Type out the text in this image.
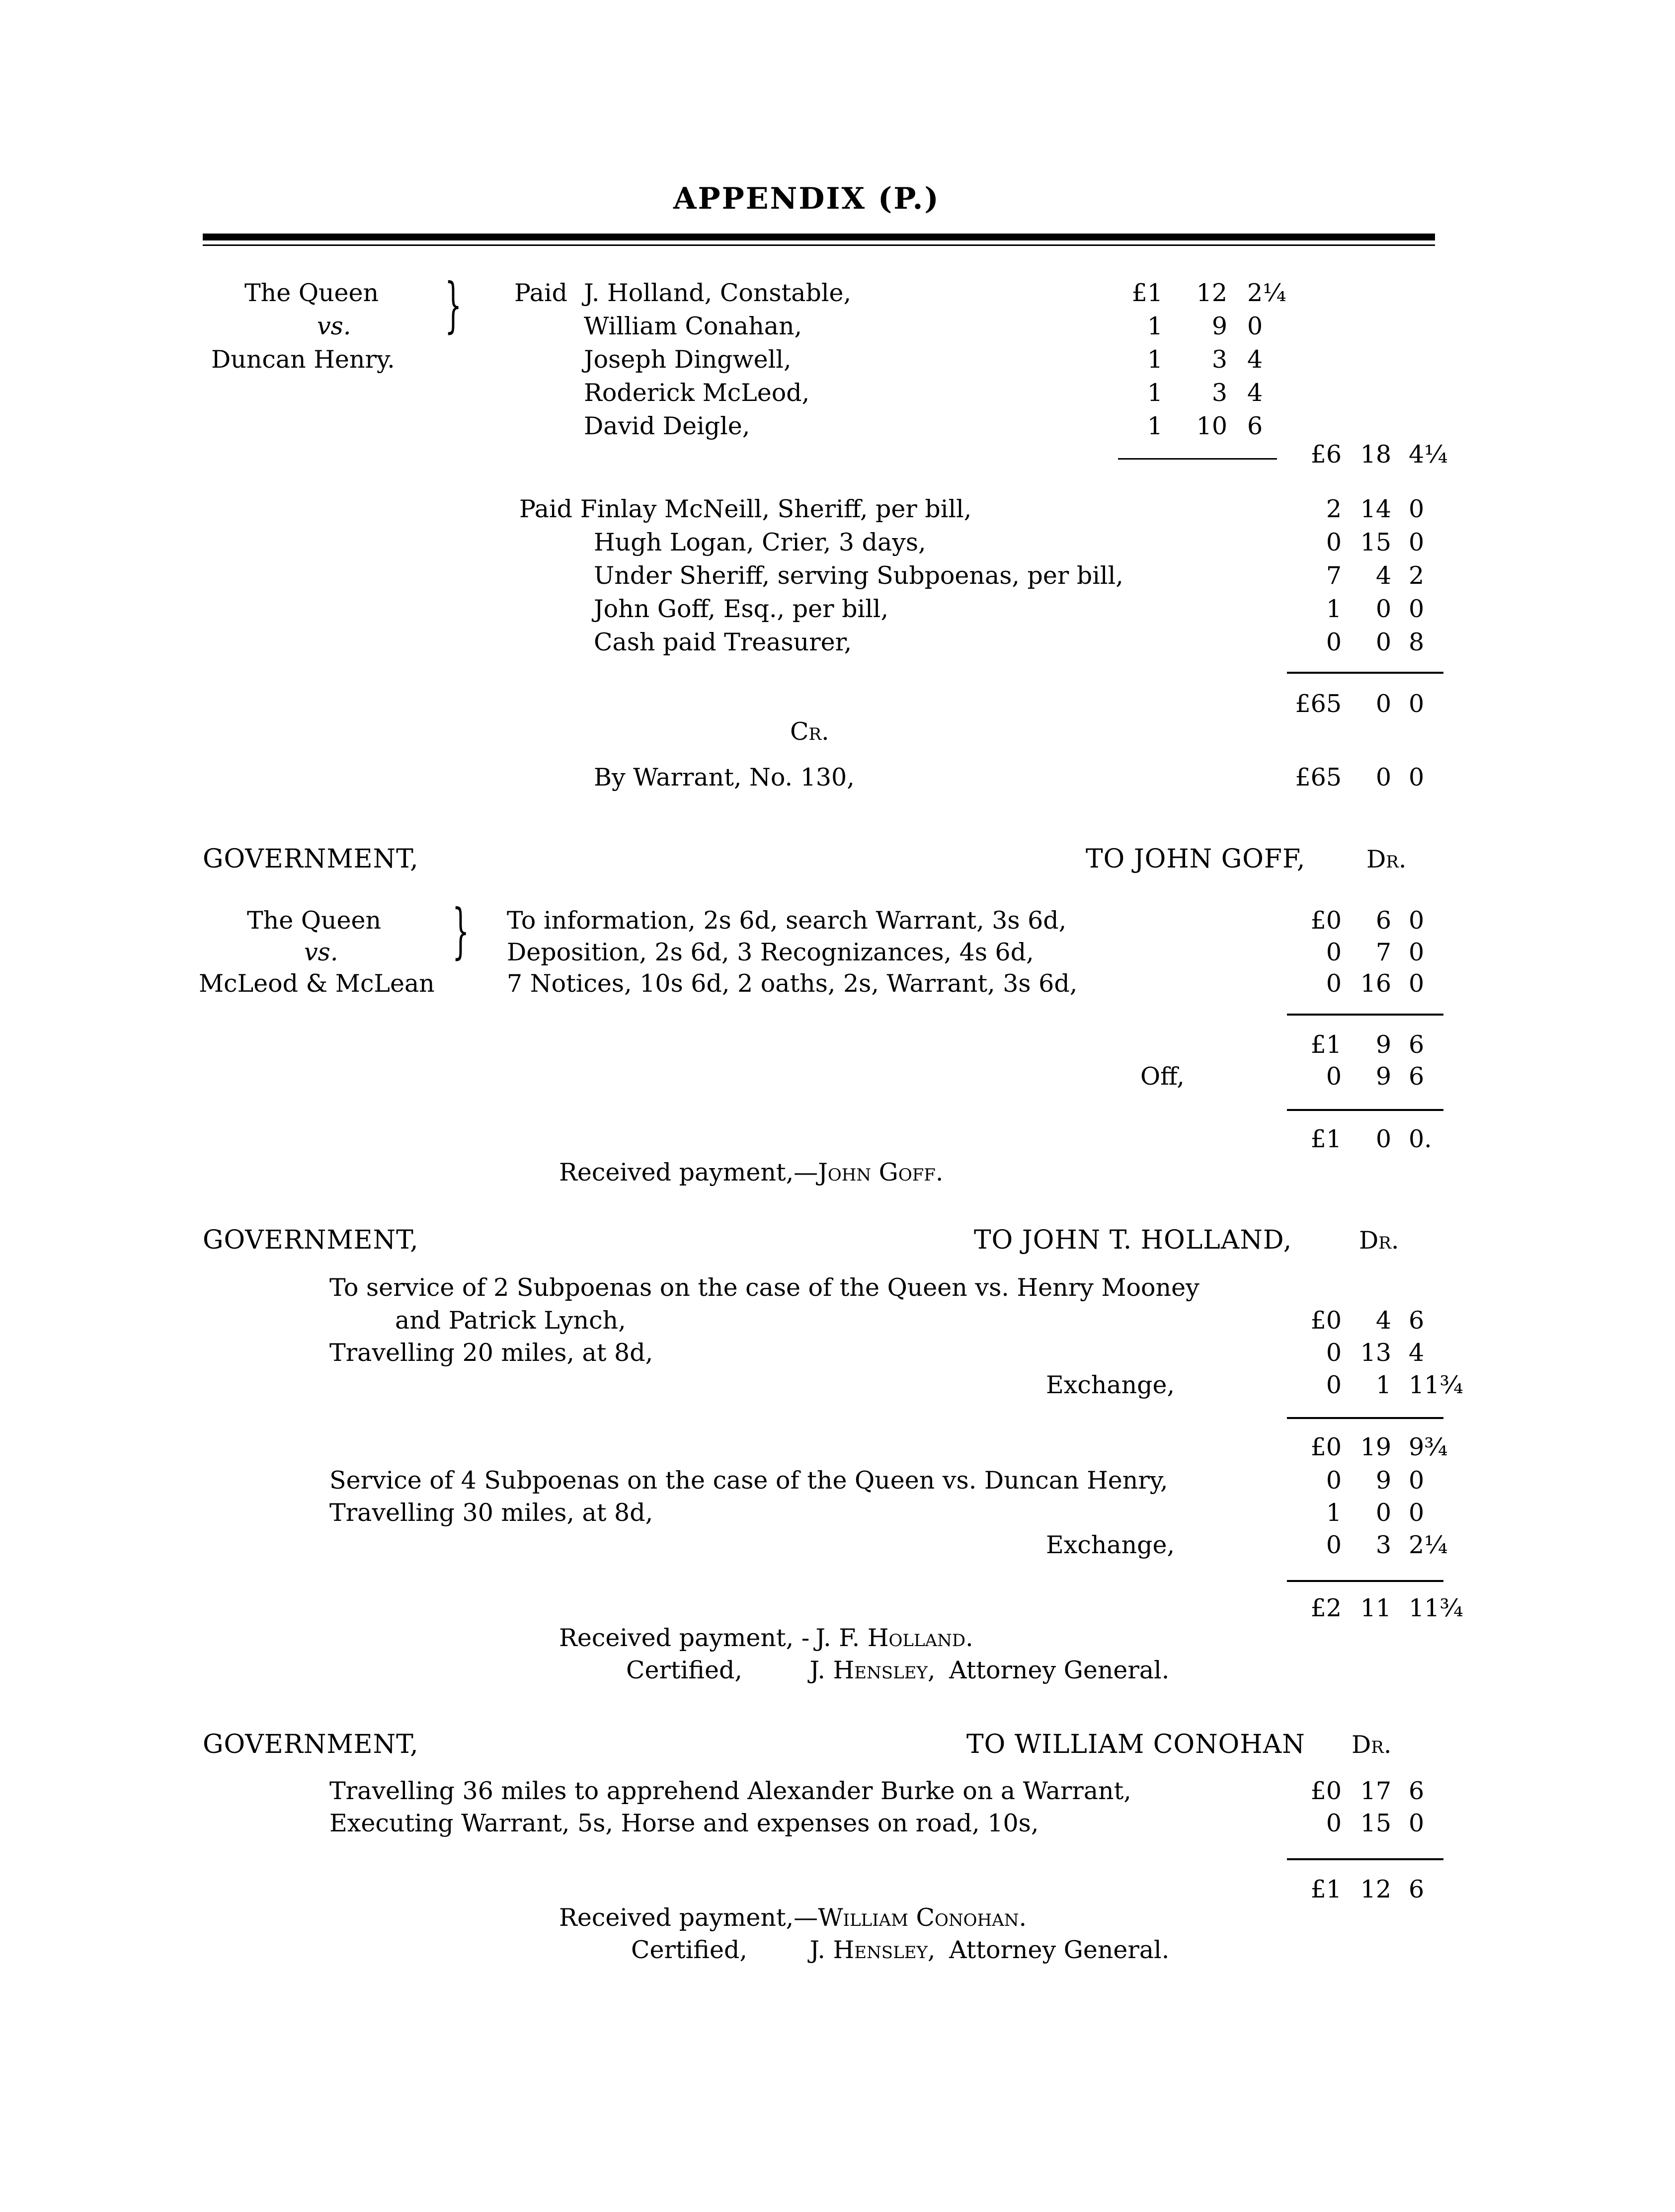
APPENDIX (P.)
The Queen
vs.
Duncan Henry.
} Paid J. Holland, Constable,	£1	12 2¼
William Conahan,	1	9 0
Joseph Dingwell,	1	3 4
Roderick McLeod,	1	3 4
David Deigle,	1	10 6
£6 18 4¼
Paid Finlay McNeill, Sheriff, per bill,	2 14 0
Hugh Logan, Crier, 3 days,	0 15 0
Under Sheriff, serving Subpoenas, per bill,	7	4 2
John Goff, Esq., per bill,	1	0 0
Cash paid Treasurer,	0	0 8
£65	0 0
Cr.
By Warrant, No. 130,	£65	0 0
GOVERNMENT,	TO JOHN GOFF,	Dr.
The Queen
vs.
McLeod & McLean
} To information, 2s 6d, search Warrant, 3s 6d,	£0	6 0
Deposition, 2s 6d, 3 Recognizances, 4s 6d,	0	7 0
7 Notices, 10s 6d, 2 oaths, 2s, Warrant, 3s 6d,	0 16 0
£1	9 6
Off,	0	9 6
£1	0 0.
Received payment,—John Goff.
GOVERNMENT,	TO JOHN T. HOLLAND,	Dr.
To service of 2 Subpoenas on the case of the Queen vs. Henry Mooney
and Patrick Lynch,	£0	4 6
Travelling 20 miles, at 8d,	0 13 4
Exchange,	0	1 11¾
£0 19 9¾
Service of 4 Subpoenas on the case of the Queen vs. Duncan Henry,	0	9 0
Travelling 30 miles, at 8d,	1	0 0
Exchange,	0	3 2¼
£2 11 11¾
Received payment, - J. F. Holland.
Certified,	J. Hensley, Attorney General.
GOVERNMENT,	TO WILLIAM CONOHAN Dr.
Travelling 36 miles to apprehend Alexander Burke on a Warrant,	£0 17 6
Executing Warrant, 5s, Horse and expenses on road, 10s,	0 15 0
£1 12 6
Received payment,—William Conohan.
Certified,	J. Hensley, Attorney General.
